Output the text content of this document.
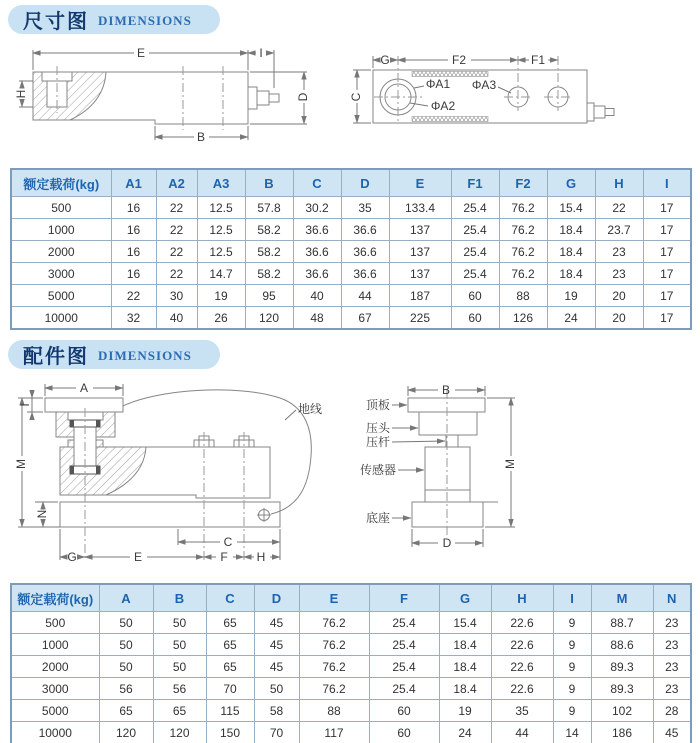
尺寸图 DIMENSIONS
E	I
H	D
B
G	F2	F1
C
ΦA1
ΦA2
ΦA3
额定载荷(kg)	A1	A2	A3	B	C	D	E	F1	F2	G	H	I
500	16	22	12.5	57.8	30.2	35	133.4	25.4	76.2	15.4	22	17
1000	16	22	12.5	58.2	36.6	36.6	137	25.4	76.2	18.4	23.7	17
2000	16	22	12.5	58.2	36.6	36.6	137	25.4	76.2	18.4	23	17
3000	16	22	14.7	58.2	36.6	36.6	137	25.4	76.2	18.4	23	17
5000	22	30	19	95	40	44	187	60	88	19	20	17
10000	32	40	26	120	48	67	225	60	126	24	20	17
配件图 DIMENSIONS
A
I
M
N
地线
C
G	E	F H
B
M
D
顶板
压头
压杆
传感器
底座
额定载荷(kg)	A	B	C	D	E	F	G	H	I	M	N
500	50	50	65	45	76.2	25.4	15.4	22.6	9	88.7	23
1000	50	50	65	45	76.2	25.4	18.4	22.6	9	88.6	23
2000	50	50	65	45	76.2	25.4	18.4	22.6	9	89.3	23
3000	56	56	70	50	76.2	25.4	18.4	22.6	9	89.3	23
5000	65	65	115	58	88	60	19	35	9	102	28
10000	120	120	150	70	117	60	24	44	14	186	45
